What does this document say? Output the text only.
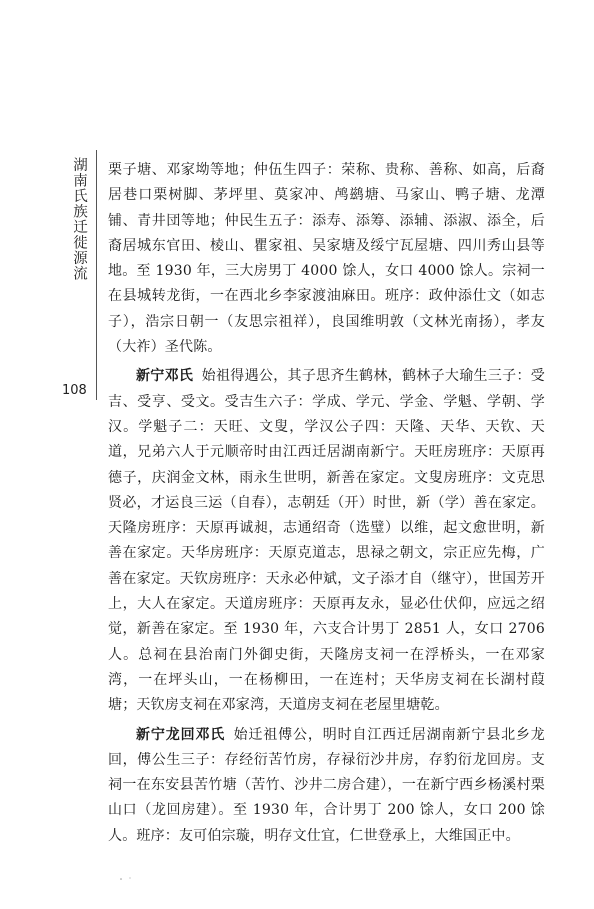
湖南氏族迁徙源流
108

栗子塘、邓家坳等地；仲伍生四子：荣称、贵称、善称、如高，后裔居巷口栗树脚、茅坪里、莫家冲、鸬鹚塘、马家山、鸭子塘、龙潭铺、青井団等地；仲民生五子：添寿、添筹、添辅、添淑、添全，后裔居城东官田、棱山、瞿家祖、吴家塘及绥宁瓦屋塘、四川秀山县等地。至 1930 年，三大房男丁 4000 馀人，女口 4000 馀人。宗祠一在县城转龙街，一在西北乡李家渡油麻田。班序：政仲添仕文（如志子），浩宗日朝一（友思宗祖祥），良国维明敦（文林光南扬），孝友（大祚）圣代陈。

新宁邓氏 始祖得遇公，其子思齐生鹤林，鹤林子大瑜生三子：受吉、受亨、受文。受吉生六子：学成、学元、学金、学魁、学朝、学汉。学魁子二：天旺、文叟，学汉公子四：天隆、天华、天钦、天道，兄弟六人于元顺帝时由江西迁居湖南新宁。天旺房班序：天原再德子，庆润金文林，雨永生世明，新善在家定。文叟房班序：文克思贤必，才运良三运（自春），志朝廷（开）时世，新（学）善在家定。天隆房班序：天原再诚昶，志通绍奇（选璧）以维，起文愈世明，新善在家定。天华房班序：天原克道志，思禄之朝文，宗正应先梅，广善在家定。天钦房班序：天永必仲斌，文子添才自（继守），世国芳开上，大人在家定。天道房班序：天原再友永，显必仕伏仰，应远之绍觉，新善在家定。至 1930 年，六支合计男丁 2851 人，女口 2706 人。总祠在县治南门外御史街，天隆房支祠一在浮桥头，一在邓家湾，一在坪头山，一在杨柳田，一在连村；天华房支祠在长湖村葭塘；天钦房支祠在邓家湾，天道房支祠在老屋里塘乾。

新宁龙回邓氏 始迁祖傅公，明时自江西迁居湖南新宁县北乡龙回，傅公生三子：存经衍苦竹房，存禄衍沙井房，存豹衍龙回房。支祠一在东安县苦竹塘（苦竹、沙井二房合建），一在新宁西乡杨溪村栗山口（龙回房建）。至 1930 年，合计男丁 200 馀人，女口 200 馀人。班序：友可伯宗璇，明存文仕宜，仁世登承上，大维国正中。
